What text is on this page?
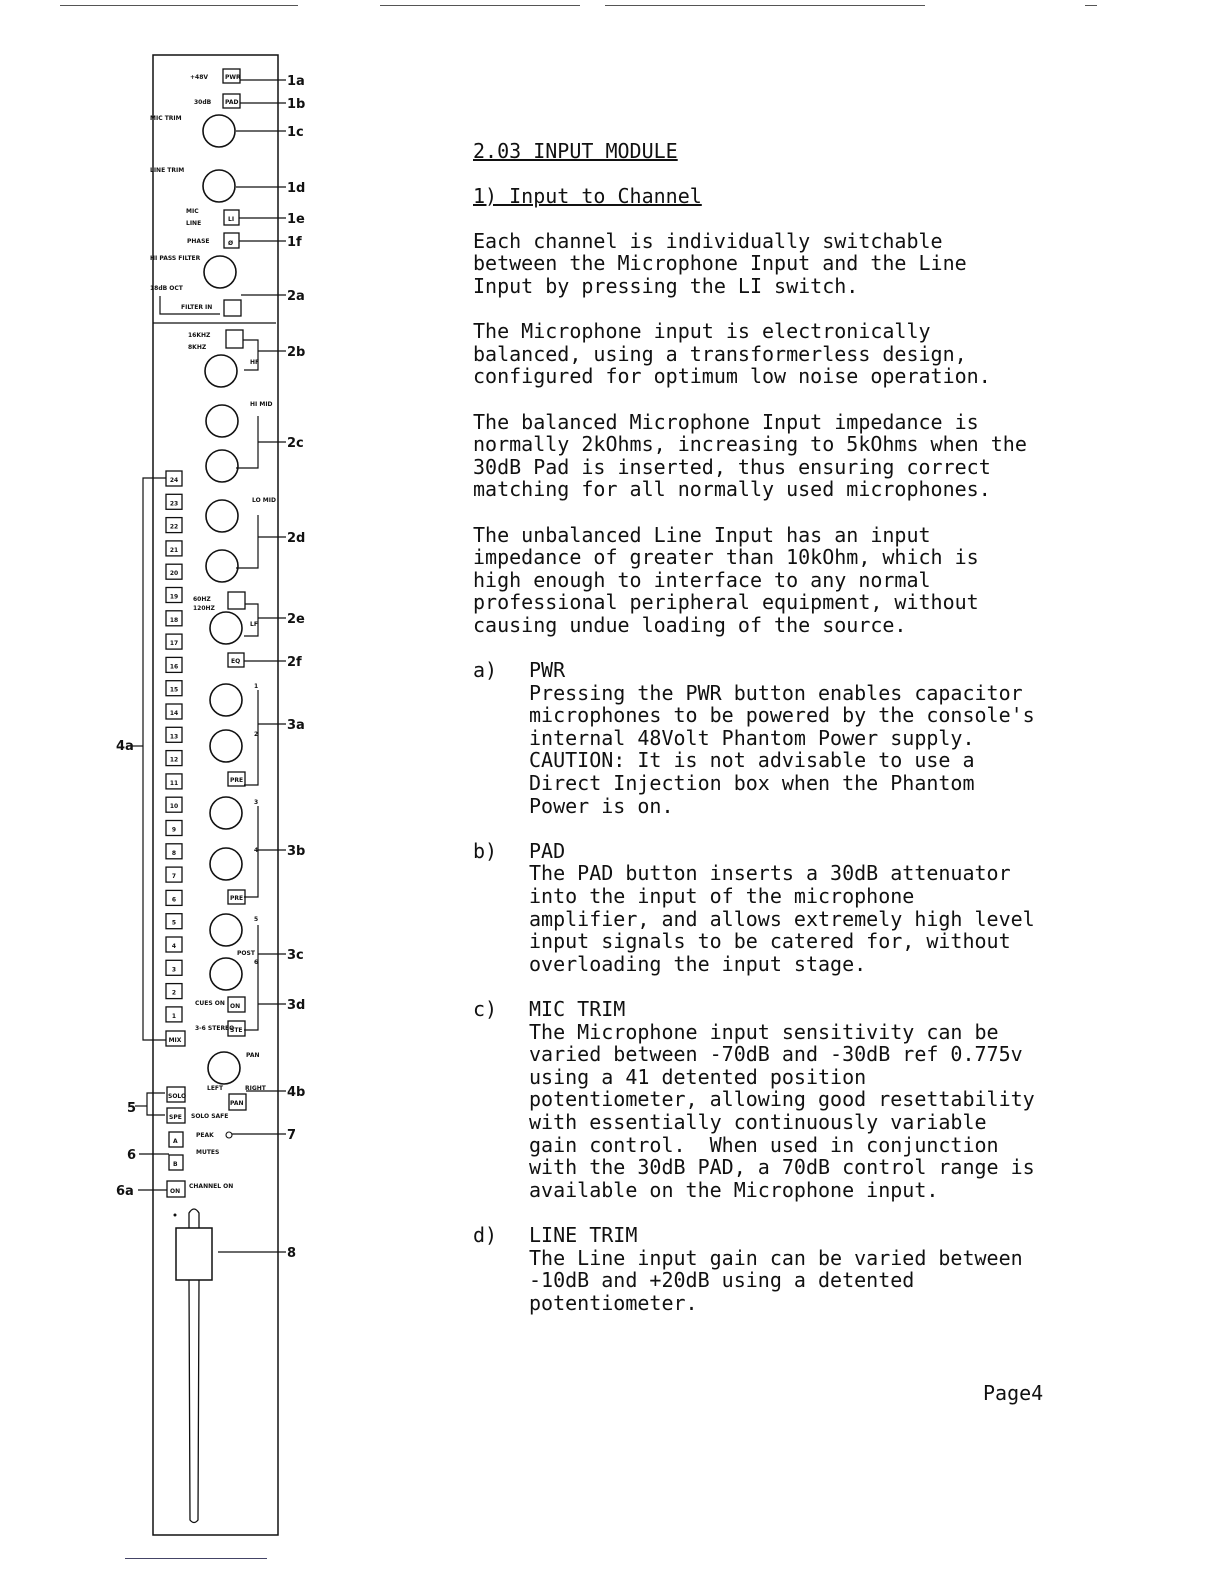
PWR
+48V
PAD
30dB
MIC TRIM
LINE TRIM
MIC
LINE
LI
PHASE	Ø
HI PASS FILTER
18dB OCT
FILTER IN
16KHZ
8KHZ
HF
HI MID
LO MID
60HZ
120HZ
LF
EQ
1
2
PRE
3
4
PRE
5
POST
6
CUES ON ON
3-6 STEREO
STE
PAN
LEFT	RIGHT
PAN
SOLO
SPE SOLO SAFE
A
PEAK
MUTES
B
ON
CHANNEL ON
24
23
22
21
20
19
18
17
16
15
14
13
12
11
10
9
8
7
6
5
4
3
2
1
MIX
1a
1b
1c
1d
1e
1f
2a
2b
2c
2d
2e
2f
3a
3b
3c
3d
4b
7
8
4a
5
6
6a
2.03 INPUT MODULE
1) Input to Channel

Each channel is individually switchable
between the Microphone Input and the Line
Input by pressing the LI switch.

The Microphone input is electronically
balanced, using a transformerless design,
configured for optimum low noise operation.

The balanced Microphone Input impedance is
normally 2kOhms, increasing to 5kOhms when the
30dB Pad is inserted, thus ensuring correct
matching for all normally used microphones.

The unbalanced Line Input has an input
impedance of greater than 10kOhm, which is
high enough to interface to any normal
professional peripheral equipment, without
causing undue loading of the source.

a)	PWR
Pressing the PWR button enables capacitor
microphones to be powered by the console's
internal 48Volt Phantom Power supply.
CAUTION: It is not advisable to use a
Direct Injection box when the Phantom
Power is on.
b)	PAD
The PAD button inserts a 30dB attenuator
into the input of the microphone
amplifier, and allows extremely high level
input signals to be catered for, without
overloading the input stage.
c)	MIC TRIM
The Microphone input sensitivity can be
varied between -70dB and -30dB ref 0.775v
using a 41 detented position
potentiometer, allowing good resettability
with essentially continuously variable
gain control.  When used in conjunction
with the 30dB PAD, a 70dB control range is
available on the Microphone input.
d)	LINE TRIM
The Line input gain can be varied between
-10dB and +20dB using a detented
potentiometer.
Page4
